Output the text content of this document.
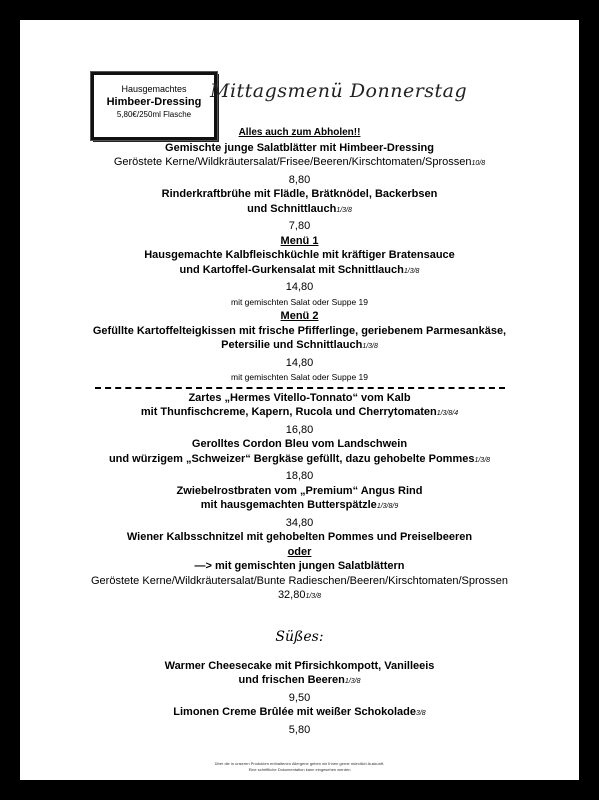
Hausgemachtes
Himbeer-Dressing
5,80€/250ml Flasche
Mittagsmenü Donnerstag
Alles auch zum Abholen!!
Gemischte junge Salatblätter mit Himbeer-Dressing
Geröstete Kerne/Wildkräutersalat/Frisee/Beeren/Kirschtomaten/Sprossen10/8
8,80
Rinderkraftbrühe mit Flädle, Brätknödel, Backerbsen
und Schnittlauch1/3/8
7,80
Menü 1
Hausgemachte Kalbfleischküchle mit kräftiger Bratensauce
und Kartoffel-Gurkensalat mit Schnittlauch1/3/8
14,80
mit gemischten Salat oder Suppe 19
Menü 2
Gefüllte Kartoffelteigkissen mit frische Pfifferlinge, geriebenem Parmesankäse,
Petersilie und Schnittlauch1/3/8
14,80
mit gemischten Salat oder Suppe 19
Zartes „Hermes Vitello-Tonnato“ vom Kalb
mit Thunfischcreme, Kapern, Rucola und Cherrytomaten1/3/8/4
16,80
Gerolltes Cordon Bleu vom Landschwein
und würzigem „Schweizer“ Bergkäse gefüllt, dazu gehobelte Pommes1/3/8
18,80
Zwiebelrostbraten vom „Premium“ Angus Rind
mit hausgemachten Butterspätzle1/3/8/9
34,80
Wiener Kalbsschnitzel mit gehobelten Pommes und Preiselbeeren
oder
—> mit gemischten jungen Salatblättern
Geröstete Kerne/Wildkräutersalat/Bunte Radieschen/Beeren/Kirschtomaten/Sprossen
32,801/3/8
Süßes:
Warmer Cheesecake mit Pfirsichkompott, Vanilleeis
und frischen Beeren1/3/8
9,50
Limonen Creme Brûlée mit weißer Schokolade3/8
5,80
Über die in unseren Produkten enthaltenen Allergene geben wir Ihnen gerne mündlich Auskunft.
Eine schriftliche Dokumentation kann eingesehen werden
